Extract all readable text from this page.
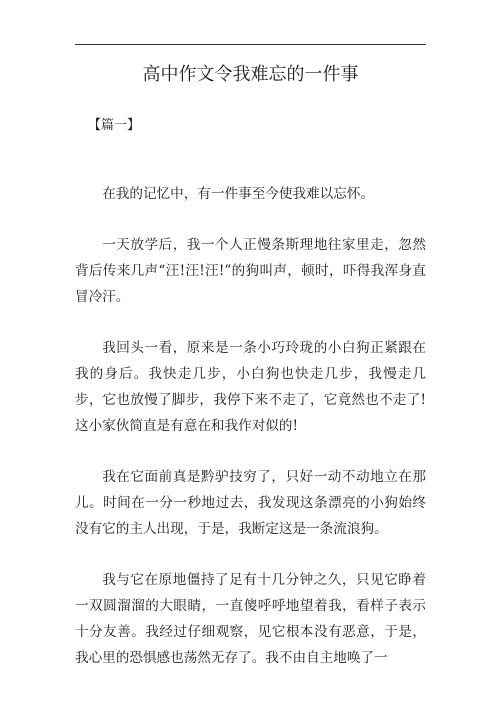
高中作文令我难忘的一件事
【篇一】

在我的记忆中，有一件事至今使我难以忘怀。

一天放学后，我一个人正慢条斯理地往家里走，忽然背后传来几声“汪!汪!汪!”的狗叫声，顿时，吓得我浑身直冒冷汗。

我回头一看，原来是一条小巧玲珑的小白狗正紧跟在我的身后。我快走几步，小白狗也快走几步，我慢走几步，它也放慢了脚步，我停下来不走了，它竟然也不走了!这小家伙简直是有意在和我作对似的!

我在它面前真是黔驴技穷了，只好一动不动地立在那儿。时间在一分一秒地过去，我发现这条漂亮的小狗始终没有它的主人出现，于是，我断定这是一条流浪狗。

我与它在原地僵持了足有十几分钟之久，只见它睁着一双圆溜溜的大眼睛，一直傻呼呼地望着我，看样子表示十分友善。我经过仔细观察，见它根本没有恶意，于是，我心里的恐惧感也荡然无存了。我不由自主地唤了一
